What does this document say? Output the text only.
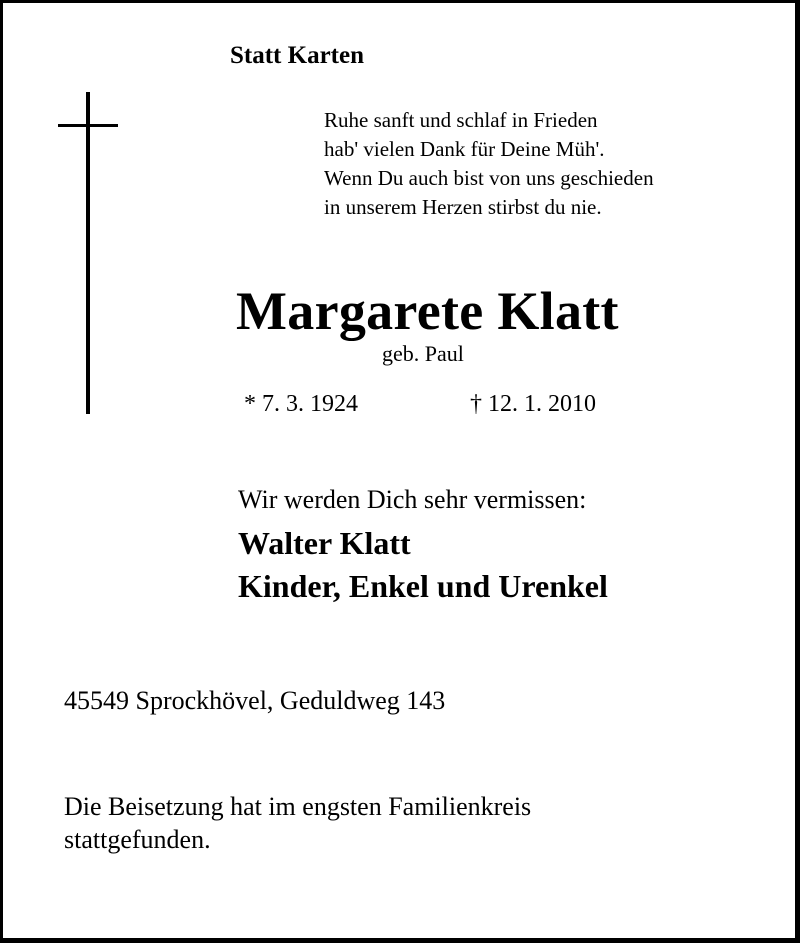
Statt Karten
Ruhe sanft und schlaf in Frieden
hab' vielen Dank für Deine Müh'.
Wenn Du auch bist von uns geschieden
in unserem Herzen stirbst du nie.
Margarete Klatt
geb. Paul
* 7. 3. 1924	† 12. 1. 2010
Wir werden Dich sehr vermissen:
Walter Klatt
Kinder, Enkel und Urenkel
45549 Sprockhövel, Geduldweg 143
Die Beisetzung hat im engsten Familienkreis
stattgefunden.
